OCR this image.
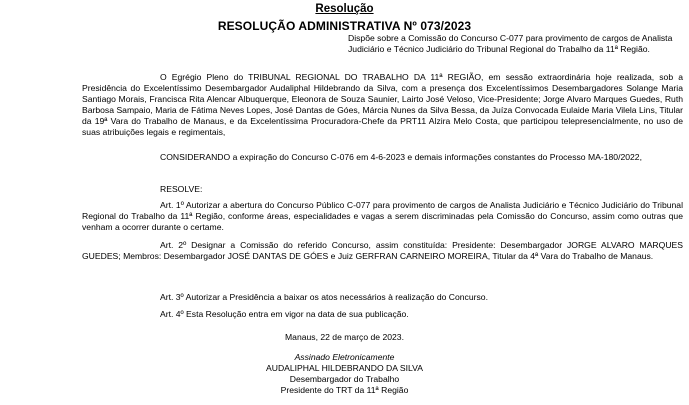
Resolução
RESOLUÇÃO ADMINISTRATIVA Nº 073/2023
Dispõe sobre a Comissão do Concurso C-077 para provimento de cargos de Analista Judiciário e Técnico Judiciário do Tribunal Regional do Trabalho da 11ª Região.
O Egrégio Pleno do TRIBUNAL REGIONAL DO TRABALHO DA 11ª REGIÃO, em sessão extraordinária hoje realizada, sob a Presidência do Excelentíssimo Desembargador Audaliphal Hildebrando da Silva, com a presença dos Excelentíssimos Desembargadores Solange Maria Santiago Morais, Francisca Rita Alencar Albuquerque, Eleonora de Souza Saunier, Lairto José Veloso, Vice-Presidente; Jorge Alvaro Marques Guedes, Ruth Barbosa Sampaio, Maria de Fátima Neves Lopes, José Dantas de Góes, Márcia Nunes da Silva Bessa, da Juíza Convocada Eulaide Maria Vilela Lins, Titular da 19ª Vara do Trabalho de Manaus, e da Excelentíssima Procuradora-Chefe da PRT11 Alzira Melo Costa, que participou telepresencialmente, no uso de suas atribuições legais e regimentais,
CONSIDERANDO a expiração do Concurso C-076 em 4-6-2023 e demais informações constantes do Processo MA-180/2022,
RESOLVE:
Art. 1º Autorizar a abertura do Concurso Público C-077 para provimento de cargos de Analista Judiciário e Técnico Judiciário do Tribunal Regional do Trabalho da 11ª Região, conforme áreas, especialidades e vagas a serem discriminadas pela Comissão do Concurso, assim como outras que venham a ocorrer durante o certame.
Art. 2º Designar a Comissão do referido Concurso, assim constituída: Presidente: Desembargador JORGE ALVARO MARQUES GUEDES; Membros: Desembargador JOSÉ DANTAS DE GÓES e Juiz GERFRAN CARNEIRO MOREIRA, Titular da 4ª Vara do Trabalho de Manaus.
Art. 3º Autorizar a Presidência a baixar os atos necessários à realização do Concurso.
Art. 4º Esta Resolução entra em vigor na data de sua publicação.
Manaus, 22 de março de 2023.
Assinado Eletronicamente
AUDALIPHAL HILDEBRANDO DA SILVA
Desembargador do Trabalho
Presidente do TRT da 11ª Região
